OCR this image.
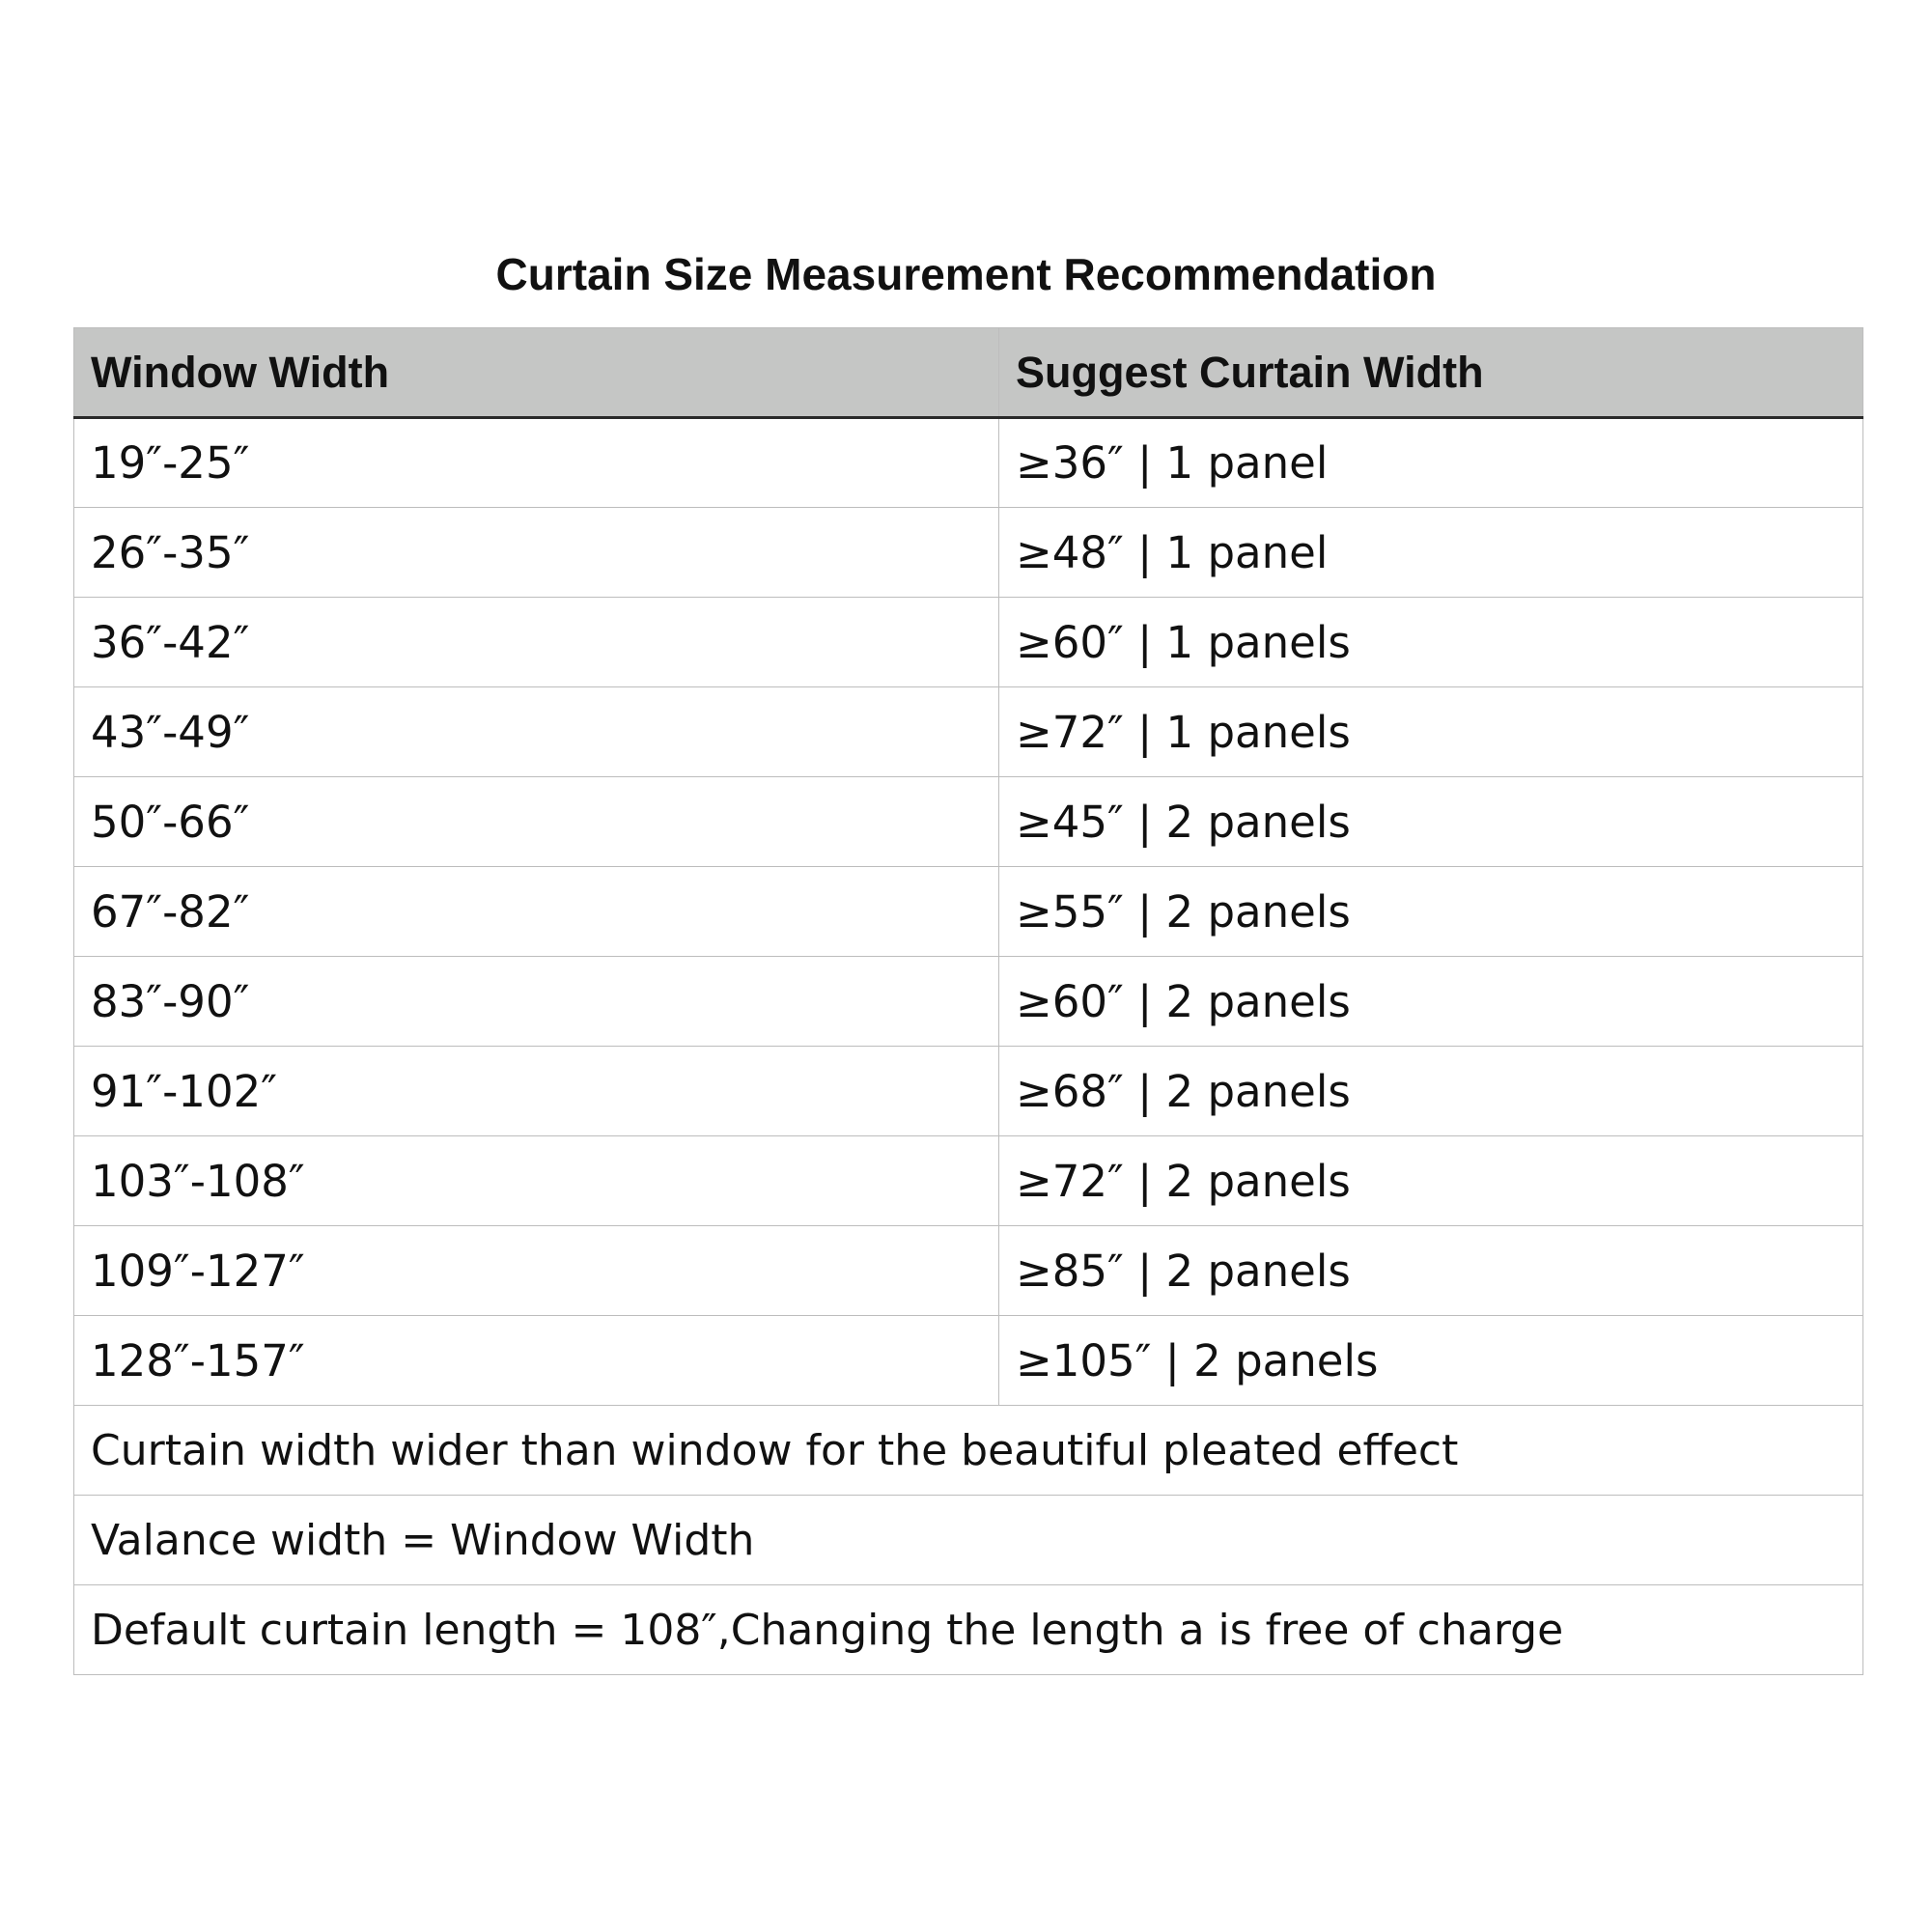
Curtain Size Measurement Recommendation
Window Width	Suggest Curtain Width
19″-25″	≥36″ | 1 panel
26″-35″	≥48″ | 1 panel
36″-42″	≥60″ | 1 panels
43″-49″	≥72″ | 1 panels
50″-66″	≥45″ | 2 panels
67″-82″	≥55″ | 2 panels
83″-90″	≥60″ | 2 panels
91″-102″	≥68″ | 2 panels
103″-108″	≥72″ | 2 panels
109″-127″	≥85″ | 2 panels
128″-157″	≥105″ | 2 panels
Curtain width wider than window for the beautiful pleated effect	
Valance width = Window Width	
Default curtain length = 108″,Changing the length a is free of charge	
